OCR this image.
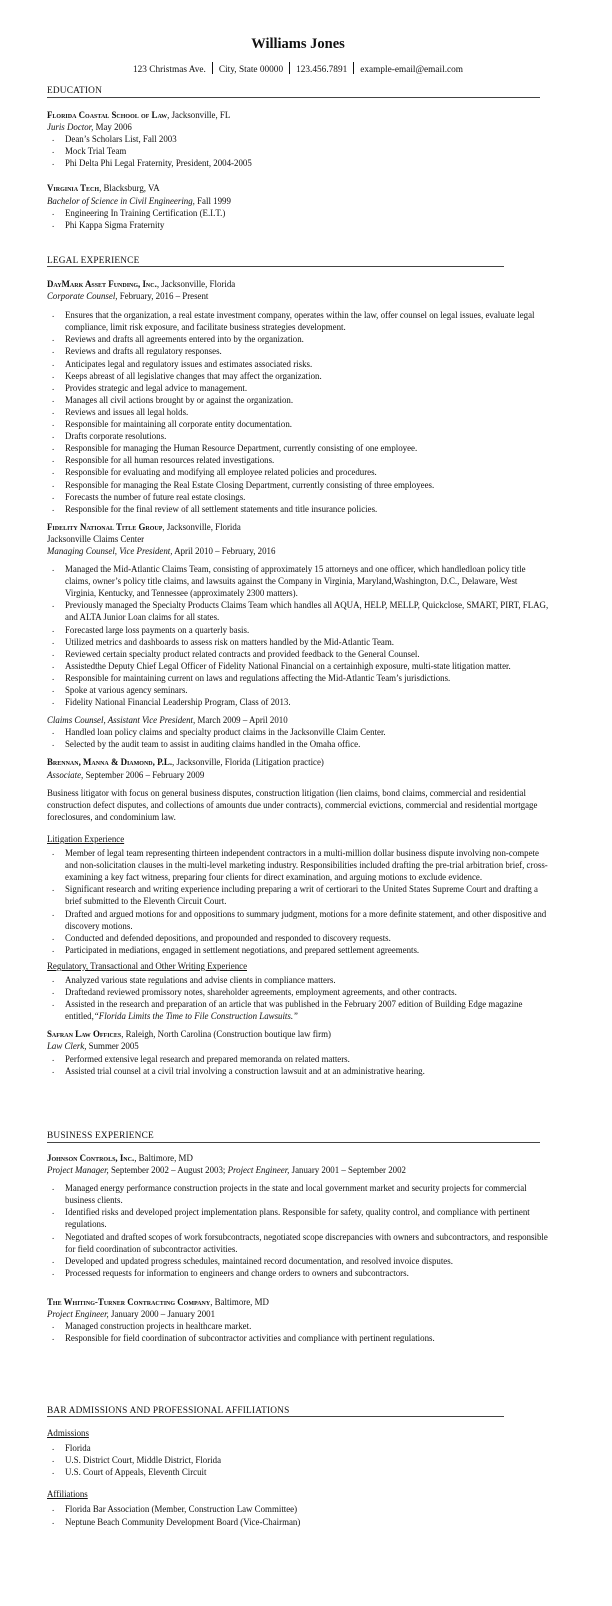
Williams Jones
123 Christmas Ave. City, State 00000 123.456.7891 example-email@email.com
EDUCATION
Florida Coastal School of Law, Jacksonville, FL
Juris Doctor, May 2006
. Dean’s Scholars List, Fall 2003
. Mock Trial Team
. Phi Delta Phi Legal Fraternity, President, 2004-2005
Virginia Tech, Blacksburg, VA
Bachelor of Science in Civil Engineering, Fall 1999
. Engineering In Training Certification (E.I.T.)
. Phi Kappa Sigma Fraternity
LEGAL EXPERIENCE
DayMark Asset Funding, Inc., Jacksonville, Florida
Corporate Counsel, February, 2016 – Present
. Ensures that the organization, a real estate investment company, operates within the law, offer counsel on legal issues, evaluate legal compliance, limit risk exposure, and facilitate business strategies development.
. Reviews and drafts all agreements entered into by the organization.
. Reviews and drafts all regulatory responses.
. Anticipates legal and regulatory issues and estimates associated risks.
. Keeps abreast of all legislative changes that may affect the organization.
. Provides strategic and legal advice to management.
. Manages all civil actions brought by or against the organization.
. Reviews and issues all legal holds.
. Responsible for maintaining all corporate entity documentation.
. Drafts corporate resolutions.
. Responsible for managing the Human Resource Department, currently consisting of one employee.
. Responsible for all human resources related investigations.
. Responsible for evaluating and modifying all employee related policies and procedures.
. Responsible for managing the Real Estate Closing Department, currently consisting of three employees.
. Forecasts the number of future real estate closings.
. Responsible for the final review of all settlement statements and title insurance policies.
Fidelity National Title Group, Jacksonville, Florida
Jacksonville Claims Center
Managing Counsel, Vice President, April 2010 – February, 2016
. Managed the Mid-Atlantic Claims Team, consisting of approximately 15 attorneys and one officer, which handledloan policy title claims, owner’s policy title claims, and lawsuits against the Company in Virginia, Maryland,Washington, D.C., Delaware, West Virginia, Kentucky, and Tennessee (approximately 2300 matters).
. Previously managed the Specialty Products Claims Team which handles all AQUA, HELP, MELLP, Quickclose, SMART, PIRT, FLAG, and ALTA Junior Loan claims for all states.
. Forecasted large loss payments on a quarterly basis.
. Utilized metrics and dashboards to assess risk on matters handled by the Mid-Atlantic Team.
. Reviewed certain specialty product related contracts and provided feedback to the General Counsel.
. Assistedthe Deputy Chief Legal Officer of Fidelity National Financial on a certainhigh exposure, multi-state litigation matter.
. Responsible for maintaining current on laws and regulations affecting the Mid-Atlantic Team’s jurisdictions.
. Spoke at various agency seminars.
. Fidelity National Financial Leadership Program, Class of 2013.
Claims Counsel, Assistant Vice President, March 2009 – April 2010
. Handled loan policy claims and specialty product claims in the Jacksonville Claim Center.
. Selected by the audit team to assist in auditing claims handled in the Omaha office.
Brennan, Manna & Diamond, P.L., Jacksonville, Florida (Litigation practice)
Associate, September 2006 – February 2009

Business litigator with focus on general business disputes, construction litigation (lien claims, bond claims, commercial and residential construction defect disputes, and collections of amounts due under contracts), commercial evictions, commercial and residential mortgage foreclosures, and condominium law.

Litigation Experience
. Member of legal team representing thirteen independent contractors in a multi-million dollar business dispute involving non-compete and non-solicitation clauses in the multi-level marketing industry. Responsibilities included drafting the pre-trial arbitration brief, cross-examining a key fact witness, preparing four clients for direct examination, and arguing motions to exclude evidence.
. Significant research and writing experience including preparing a writ of certiorari to the United States Supreme Court and drafting a brief submitted to the Eleventh Circuit Court.
. Drafted and argued motions for and oppositions to summary judgment, motions for a more definite statement, and other dispositive and discovery motions.
. Conducted and defended depositions, and propounded and responded to discovery requests.
. Participated in mediations, engaged in settlement negotiations, and prepared settlement agreements.
Regulatory, Transactional and Other Writing Experience
. Analyzed various state regulations and advise clients in compliance matters.
. Draftedand reviewed promissory notes, shareholder agreements, employment agreements, and other contracts.
. Assisted in the research and preparation of an article that was published in the February 2007 edition of Building Edge magazine entitled,“Florida Limits the Time to File Construction Lawsuits.”
Safran Law Offices, Raleigh, North Carolina (Construction boutique law firm)
Law Clerk, Summer 2005
. Performed extensive legal research and prepared memoranda on related matters.
. Assisted trial counsel at a civil trial involving a construction lawsuit and at an administrative hearing.
BUSINESS EXPERIENCE
Johnson Controls, Inc., Baltimore, MD
Project Manager, September 2002 – August 2003; Project Engineer, January 2001 – September 2002
. Managed energy performance construction projects in the state and local government market and security projects for commercial business clients.
. Identified risks and developed project implementation plans. Responsible for safety, quality control, and compliance with pertinent regulations.
. Negotiated and drafted scopes of work forsubcontracts, negotiated scope discrepancies with owners and subcontractors, and responsible for field coordination of subcontractor activities.
. Developed and updated progress schedules, maintained record documentation, and resolved invoice disputes.
. Processed requests for information to engineers and change orders to owners and subcontractors.
The Whiting-Turner Contracting Company, Baltimore, MD
Project Engineer, January 2000 – January 2001
. Managed construction projects in healthcare market.
. Responsible for field coordination of subcontractor activities and compliance with pertinent regulations.
BAR ADMISSIONS AND PROFESSIONAL AFFILIATIONS
Admissions
. Florida
. U.S. District Court, Middle District, Florida
. U.S. Court of Appeals, Eleventh Circuit
Affiliations
. Florida Bar Association (Member, Construction Law Committee)
. Neptune Beach Community Development Board (Vice-Chairman)
